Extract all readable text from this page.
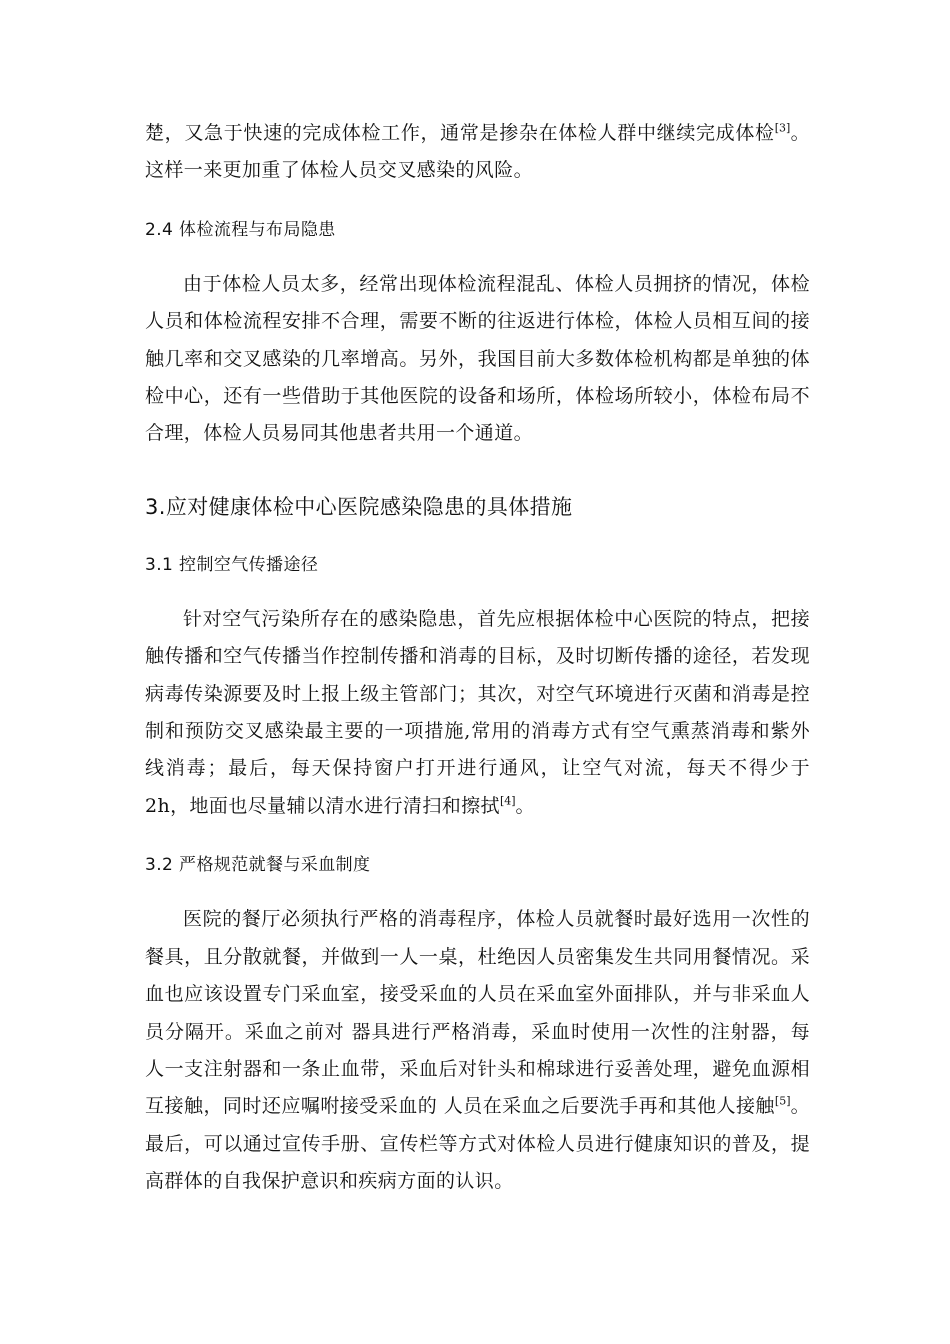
楚，又急于快速的完成体检工作，通常是掺杂在体检人群中继续完成体检[3]。这样一来更加重了体检人员交叉感染的风险。

2.4 体检流程与布局隐患

由于体检人员太多，经常出现体检流程混乱、体检人员拥挤的情况，体检人员和体检流程安排不合理，需要不断的往返进行体检，体检人员相互间的接触几率和交叉感染的几率增高。另外，我国目前大多数体检机构都是单独的体检中心，还有一些借助于其他医院的设备和场所，体检场所较小，体检布局不合理，体检人员易同其他患者共用一个通道。

3.应对健康体检中心医院感染隐患的具体措施
3.1 控制空气传播途径

针对空气污染所存在的感染隐患，首先应根据体检中心医院的特点，把接触传播和空气传播当作控制传播和消毒的目标，及时切断传播的途径，若发现病毒传染源要及时上报上级主管部门；其次，对空气环境进行灭菌和消毒是控制和预防交叉感染最主要的一项措施,常用的消毒方式有空气熏蒸消毒和紫外线消毒；最后，每天保持窗户打开进行通风，让空气对流，每天不得少于 2h，地面也尽量辅以清水进行清扫和擦拭[4]。

3.2 严格规范就餐与采血制度

医院的餐厅必须执行严格的消毒程序，体检人员就餐时最好选用一次性的餐具，且分散就餐，并做到一人一桌，杜绝因人员密集发生共同用餐情况。采血也应该设置专门采血室，接受采血的人员在采血室外面排队，并与非采血人员分隔开。采血之前对 器具进行严格消毒，采血时使用一次性的注射器，每人一支注射器和一条止血带，采血后对针头和棉球进行妥善处理，避免血源相互接触，同时还应嘱咐接受采血的 人员在采血之后要洗手再和其他人接触[5]。最后，可以通过宣传手册、宣传栏等方式对体检人员进行健康知识的普及，提高群体的自我保护意识和疾病方面的认识。
